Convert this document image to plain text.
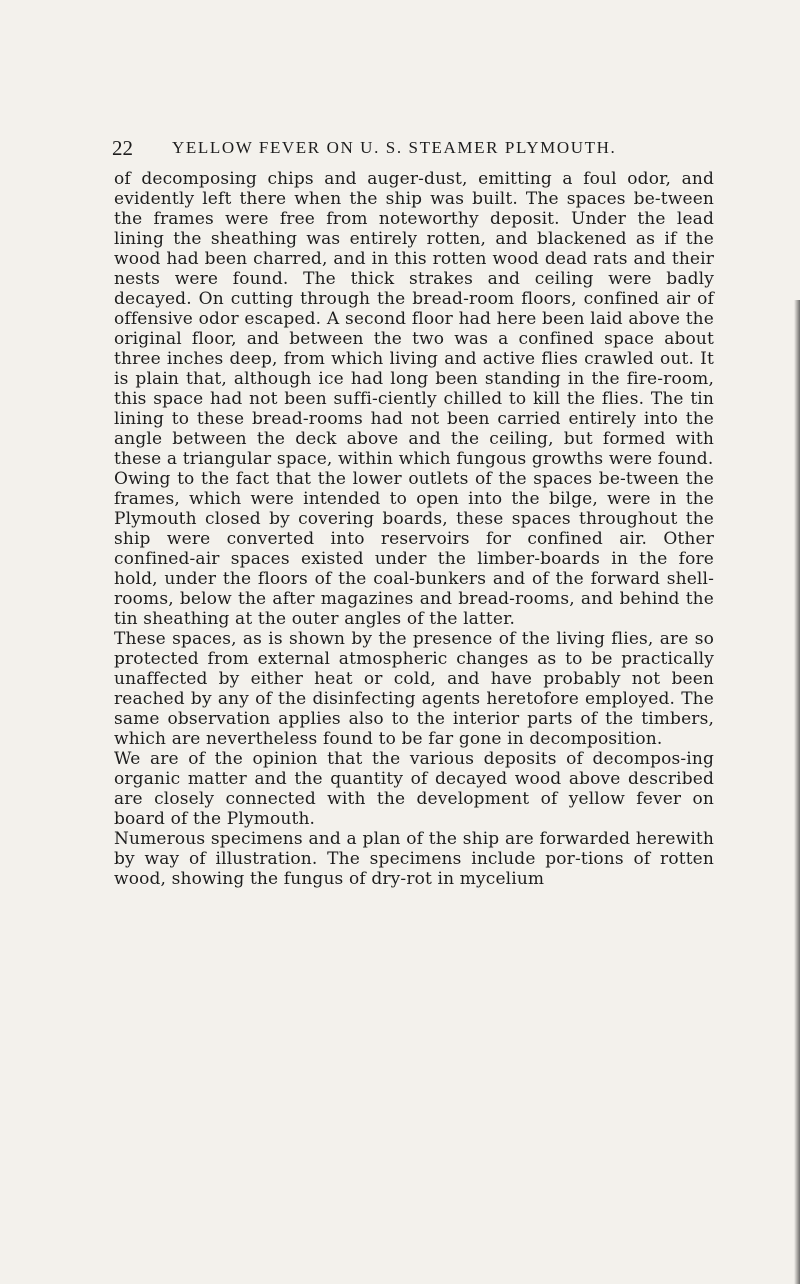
22 YELLOW FEVER ON U. S. STEAMER PLYMOUTH.

of decomposing chips and auger-dust, emitting a foul odor, and evidently left there when the ship was built. The spaces be-tween the frames were free from noteworthy deposit. Under the lead lining the sheathing was entirely rotten, and blackened as if the wood had been charred, and in this rotten wood dead rats and their nests were found. The thick strakes and ceiling were badly decayed. On cutting through the bread-room floors, confined air of offensive odor escaped. A second floor had here been laid above the original floor, and between the two was a confined space about three inches deep, from which living and active flies crawled out. It is plain that, although ice had long been standing in the fire-room, this space had not been suffi-ciently chilled to kill the flies. The tin lining to these bread-rooms had not been carried entirely into the angle between the deck above and the ceiling, but formed with these a triangular space, within which fungous growths were found.

Owing to the fact that the lower outlets of the spaces be-tween the frames, which were intended to open into the bilge, were in the Plymouth closed by covering boards, these spaces throughout the ship were converted into reservoirs for confined air. Other confined-air spaces existed under the limber-boards in the fore hold, under the floors of the coal-bunkers and of the forward shell-rooms, below the after magazines and bread-rooms, and behind the tin sheathing at the outer angles of the latter.

These spaces, as is shown by the presence of the living flies, are so protected from external atmospheric changes as to be practically unaffected by either heat or cold, and have probably not been reached by any of the disinfecting agents heretofore employed. The same observation applies also to the interior parts of the timbers, which are nevertheless found to be far gone in decomposition.

We are of the opinion that the various deposits of decompos-ing organic matter and the quantity of decayed wood above described are closely connected with the development of yellow fever on board of the Plymouth.

Numerous specimens and a plan of the ship are forwarded herewith by way of illustration. The specimens include por-tions of rotten wood, showing the fungus of dry-rot in mycelium
